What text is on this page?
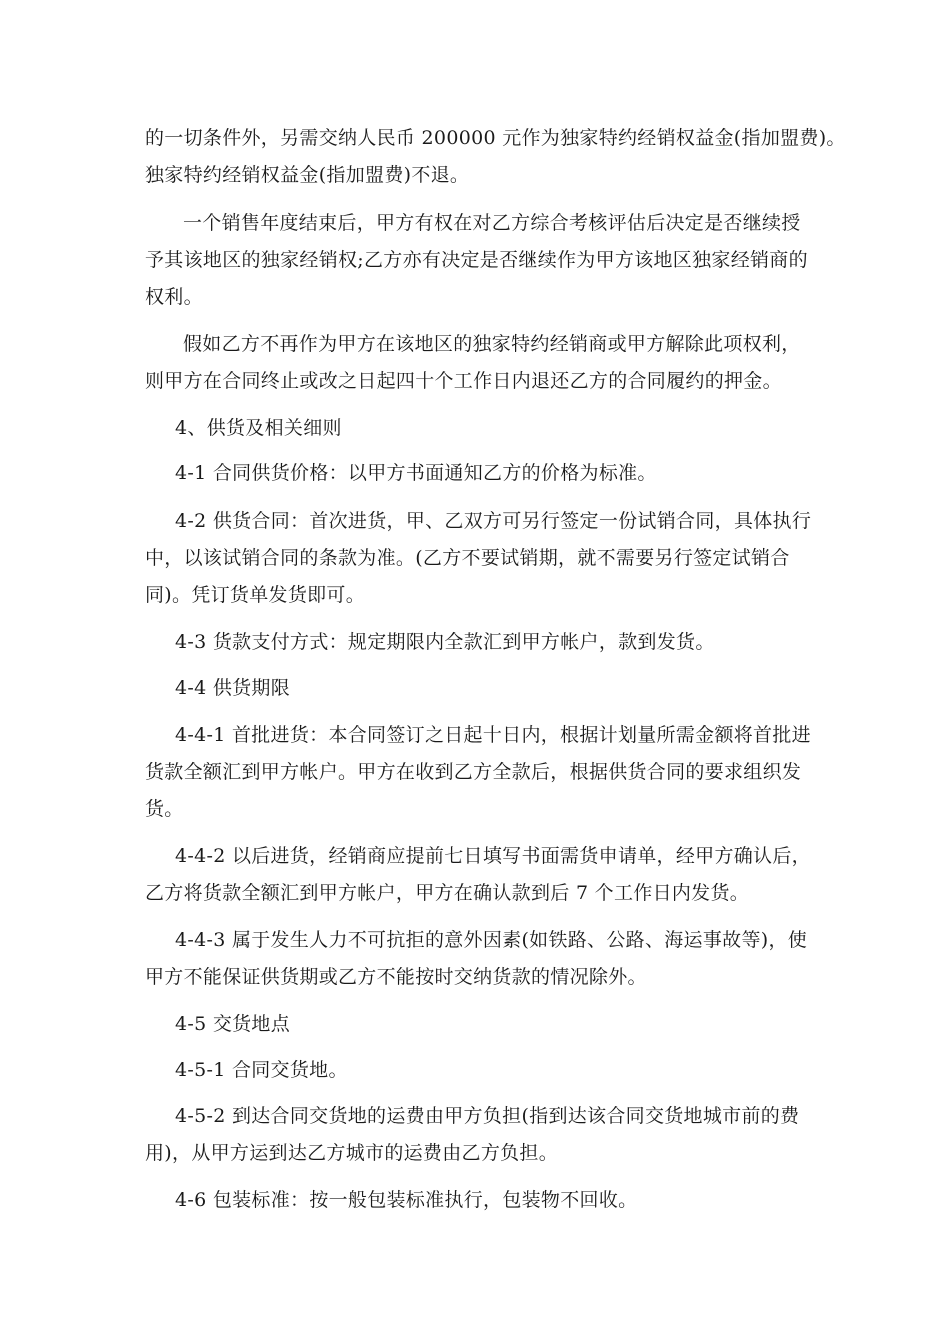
的一切条件外，另需交纳人民币 200000 元作为独家特约经销权益金(指加盟费)。
独家特约经销权益金(指加盟费)不退。
一个销售年度结束后，甲方有权在对乙方综合考核评估后决定是否继续授
予其该地区的独家经销权;乙方亦有决定是否继续作为甲方该地区独家经销商的
权利。
假如乙方不再作为甲方在该地区的独家特约经销商或甲方解除此项权利，
则甲方在合同终止或改之日起四十个工作日内退还乙方的合同履约的押金。
4、供货及相关细则
4-1 合同供货价格：以甲方书面通知乙方的价格为标准。
4-2 供货合同：首次进货，甲、乙双方可另行签定一份试销合同，具体执行
中，以该试销合同的条款为准。(乙方不要试销期，就不需要另行签定试销合
同)。凭订货单发货即可。
4-3 货款支付方式：规定期限内全款汇到甲方帐户，款到发货。
4-4 供货期限
4-4-1 首批进货：本合同签订之日起十日内，根据计划量所需金额将首批进
货款全额汇到甲方帐户。甲方在收到乙方全款后，根据供货合同的要求组织发
货。
4-4-2 以后进货，经销商应提前七日填写书面需货申请单，经甲方确认后，
乙方将货款全额汇到甲方帐户，甲方在确认款到后 7 个工作日内发货。
4-4-3 属于发生人力不可抗拒的意外因素(如铁路、公路、海运事故等)，使
甲方不能保证供货期或乙方不能按时交纳货款的情况除外。
4-5 交货地点
4-5-1 合同交货地。
4-5-2 到达合同交货地的运费由甲方负担(指到达该合同交货地城市前的费
用)，从甲方运到达乙方城市的运费由乙方负担。
4-6 包装标准：按一般包装标准执行，包装物不回收。
